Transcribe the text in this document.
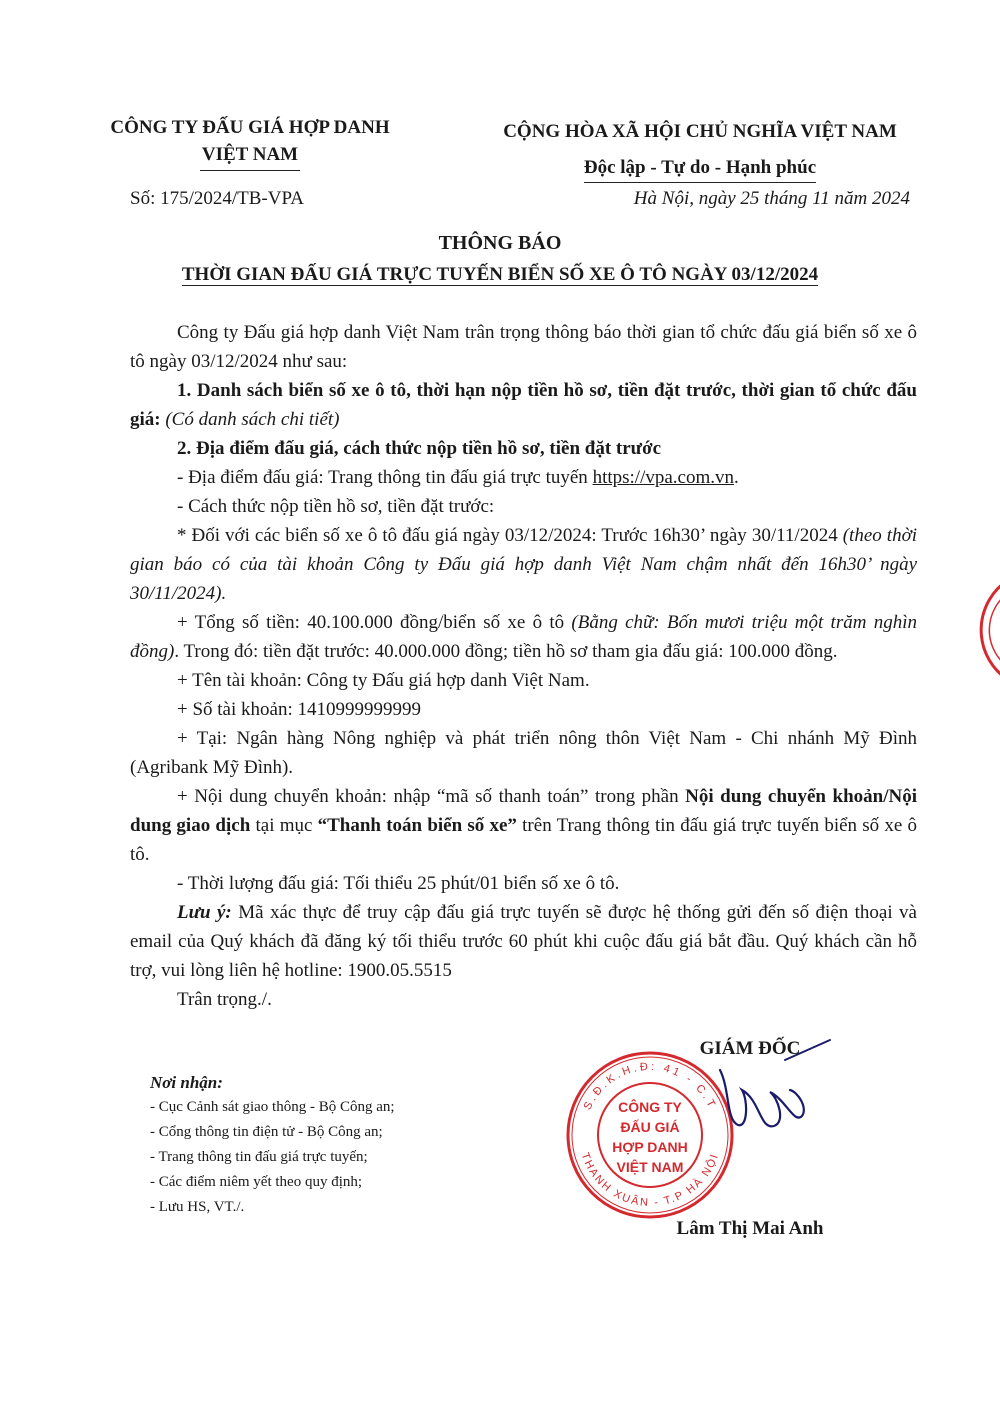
CÔNG TY ĐẤU GIÁ HỢP DANH
VIỆT NAM
CỘNG HÒA XÃ HỘI CHỦ NGHĨA VIỆT NAM
Độc lập - Tự do - Hạnh phúc
Số: 175/2024/TB-VPA	Hà Nội, ngày 25 tháng 11 năm 2024
THÔNG BÁO
THỜI GIAN ĐẤU GIÁ TRỰC TUYẾN BIỂN SỐ XE Ô TÔ NGÀY 03/12/2024

Công ty Đấu giá hợp danh Việt Nam trân trọng thông báo thời gian tổ chức đấu giá biển số xe ô tô ngày 03/12/2024 như sau:

1. Danh sách biển số xe ô tô, thời hạn nộp tiền hồ sơ, tiền đặt trước, thời gian tổ chức đấu giá: (Có danh sách chi tiết)

2. Địa điểm đấu giá, cách thức nộp tiền hồ sơ, tiền đặt trước

- Địa điểm đấu giá: Trang thông tin đấu giá trực tuyến https://vpa.com.vn.

- Cách thức nộp tiền hồ sơ, tiền đặt trước:

* Đối với các biển số xe ô tô đấu giá ngày 03/12/2024: Trước 16h30’ ngày 30/11/2024 (theo thời gian báo có của tài khoản Công ty Đấu giá hợp danh Việt Nam chậm nhất đến 16h30’ ngày 30/11/2024).

+ Tổng số tiền: 40.100.000 đồng/biển số xe ô tô (Bằng chữ: Bốn mươi triệu một trăm nghìn đồng). Trong đó: tiền đặt trước: 40.000.000 đồng; tiền hồ sơ tham gia đấu giá: 100.000 đồng.

+ Tên tài khoản: Công ty Đấu giá hợp danh Việt Nam.

+ Số tài khoản: 1410999999999

+ Tại: Ngân hàng Nông nghiệp và phát triển nông thôn Việt Nam - Chi nhánh Mỹ Đình (Agribank Mỹ Đình).

+ Nội dung chuyển khoản: nhập “mã số thanh toán” trong phần Nội dung chuyển khoản/Nội dung giao dịch tại mục “Thanh toán biển số xe” trên Trang thông tin đấu giá trực tuyến biển số xe ô tô.

- Thời lượng đấu giá: Tối thiểu 25 phút/01 biển số xe ô tô.

Lưu ý: Mã xác thực để truy cập đấu giá trực tuyến sẽ được hệ thống gửi đến số điện thoại và email của Quý khách đã đăng ký tối thiểu trước 60 phút khi cuộc đấu giá bắt đầu. Quý khách cần hỗ trợ, vui lòng liên hệ hotline: 1900.05.5515

Trân trọng./.

Nơi nhận:
- Cục Cảnh sát giao thông - Bộ Công an;
- Cổng thông tin điện tử - Bộ Công an;
- Trang thông tin đấu giá trực tuyến;
- Các điểm niêm yết theo quy định;
- Lưu HS, VT./.
GIÁM ĐỐC
S.Đ.K.H.Đ: 41 - C.T
THANH XUÂN - T.P HÀ NỘI
CÔNG TY
ĐẤU GIÁ
HỢP DANH
VIỆT NAM
Lâm Thị Mai Anh
